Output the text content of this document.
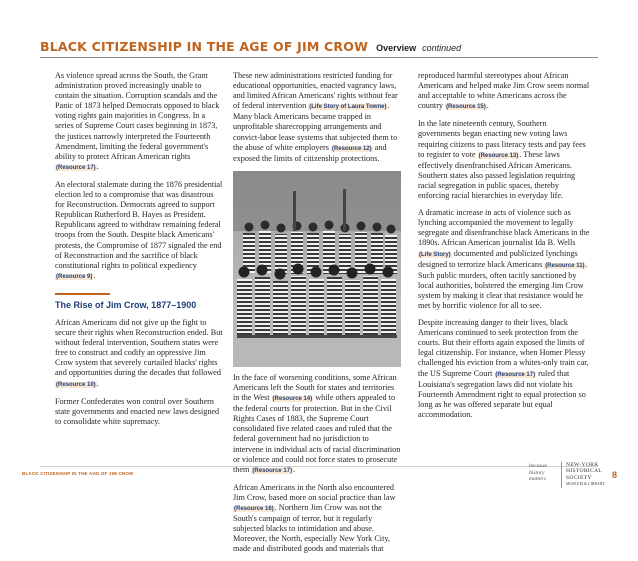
BLACK CITIZENSHIP IN THE AGE OF JIM CROW Overview continued

As violence spread across the South, the Grant administration proved increasingly unable to contain the situation. Corruption scandals and the Panic of 1873 helped Democrats opposed to black voting rights gain majorities in Congress. In a series of Supreme Court cases beginning in 1873, the justices narrowly interpreted the Fourteenth Amendment, limiting the federal government's ability to protect African American rights (Resource 17).

An electoral stalemate during the 1876 presidential election led to a compromise that was disastrous for Reconstruction. Democrats agreed to support Republican Rutherford B. Hayes as President. Republicans agreed to withdraw remaining federal troops from the South. Despite black Americans' protests, the Compromise of 1877 signaled the end of Reconstruction and the sacrifice of black constitutional rights to political expediency (Resource 9).

The Rise of Jim Crow, 1877–1900

African Americans did not give up the fight to secure their rights when Reconstruction ended. But without federal intervention, Southern states were free to construct and codify an oppressive Jim Crow system that severely curtailed blacks' rights and opportunities during the decades that followed (Resource 10).

Former Confederates won control over Southern state governments and enacted new laws designed to consolidate white supremacy.

These new administrations restricted funding for educational opportunities, enacted vagrancy laws, and limited African Americans' rights without fear of federal intervention (Life Story of Laura Towne). Many black Americans became trapped in unprofitable sharecropping arrangements and convict-labor lease systems that subjected them to the abuse of white employers (Resource 12) and exposed the limits of citizenship protections.

In the face of worsening conditions, some African Americans left the South for states and territories in the West (Resource 14) while others appealed to the federal courts for protection. But in the Civil Rights Cases of 1883, the Supreme Court consolidated five related cases and ruled that the federal government had no jurisdiction to intervene in individual acts of racial discrimination or violence and could not force states to prosecute them (Resource 17).

African Americans in the North also encountered Jim Crow, based more on social practice than law (Resource 16). Northern Jim Crow was not the South's campaign of terror, but it regularly subjected blacks to intimidation and abuse. Moreover, the North, especially New York City, made and distributed goods and materials that

reproduced harmful stereotypes about African Americans and helped make Jim Crow seem normal and acceptable to white Americans across the country (Resource 15).

In the late nineteenth century, Southern governments began enacting new voting laws requiring citizens to pass literacy tests and pay fees to register to vote (Resource 13). These laws effectively disenfranchised African Americans. Southern states also passed legislation requiring racial segregation in public spaces, thereby enforcing racial hierarchies in everyday life.

A dramatic increase in acts of violence such as lynching accompanied the movement to legally segregate and disenfranchise black Americans in the 1890s. African American journalist Ida B. Wells (Life Story) documented and publicized lynchings designed to terrorize black Americans (Resource 11). Such public murders, often tacitly sanctioned by local authorities, bolstered the emerging Jim Crow system by making it clear that resistance would be met by horrific violence for all to see.

Despite increasing danger to their lives, black Americans continued to seek protection from the courts. But their efforts again exposed the limits of legal citizenship. For instance, when Homer Plessy challenged his eviction from a whites-only train car, the US Supreme Court (Resource 17) ruled that Louisiana's segregation laws did not violate his Fourteenth Amendment right to equal protection so long as he was offered separate but equal accommodation.

BLACK CITIZENSHIP IN THE AGE OF JIM CROW
because
history
matters
NEW-YORK
HISTORICAL
SOCIETY
MUSEUM & LIBRARY
8
